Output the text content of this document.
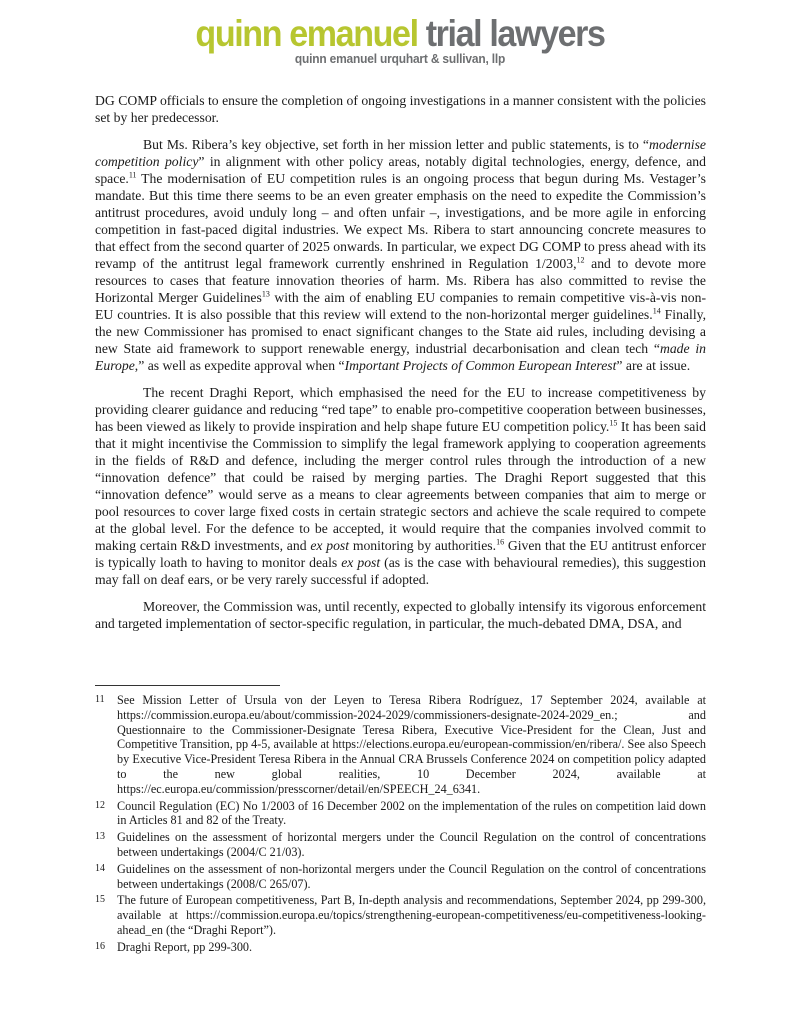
quinn emanuel trial lawyers
quinn emanuel urquhart & sullivan, llp

DG COMP officials to ensure the completion of ongoing investigations in a manner consistent with the policies set by her predecessor.

But Ms. Ribera’s key objective, set forth in her mission letter and public statements, is to “modernise competition policy” in alignment with other policy areas, notably digital technologies, energy, defence, and space.$^{11}$ The modernisation of EU competition rules is an ongoing process that begun during Ms. Vestager’s mandate. But this time there seems to be an even greater emphasis on the need to expedite the Commission’s antitrust procedures, avoid unduly long – and often unfair –, investigations, and be more agile in enforcing competition in fast-paced digital industries. We expect Ms. Ribera to start announcing concrete measures to that effect from the second quarter of 2025 onwards. In particular, we expect DG COMP to press ahead with its revamp of the antitrust legal framework currently enshrined in Regulation 1/2003,12 and to devote more resources to cases that feature innovation theories of harm. Ms. Ribera has also committed to revise the Horizontal Merger Guidelines$^{13}$ with the aim of enabling EU companies to remain competitive vis-à-vis non-EU countries. It is also possible that this review will extend to the non-horizontal merger guidelines.$^{14}$ Finally, the new Commissioner has promised to enact significant changes to the State aid rules, including devising a new State aid framework to support renewable energy, industrial decarbonisation and clean tech “made in Europe,” as well as expedite approval when “Important Projects of Common European Interest” are at issue.

The recent Draghi Report, which emphasised the need for the EU to increase competitiveness by providing clearer guidance and reducing “red tape” to enable pro-competitive cooperation between businesses, has been viewed as likely to provide inspiration and help shape future EU competition policy.$^{15}$ It has been said that it might incentivise the Commission to simplify the legal framework applying to cooperation agreements in the fields of R&D and defence, including the merger control rules through the introduction of a new “innovation defence” that could be raised by merging parties. The Draghi Report suggested that this “innovation defence” would serve as a means to clear agreements between companies that aim to merge or pool resources to cover large fixed costs in certain strategic sectors and achieve the scale required to compete at the global level. For the defence to be accepted, it would require that the companies involved commit to making certain R&D investments, and ex post monitoring by authorities.$^{16}$ Given that the EU antitrust enforcer is typically loath to having to monitor deals ex post (as is the case with behavioural remedies), this suggestion may fall on deaf ears, or be very rarely successful if adopted.

Moreover, the Commission was, until recently, expected to globally intensify its vigorous enforcement and targeted implementation of sector-specific regulation, in particular, the much-debated DMA, DSA, and

11	See Mission Letter of Ursula von der Leyen to Teresa Ribera Rodríguez, 17 September 2024, available at https://commission.europa.eu/about/commission-2024-2029/commissioners-designate-2024-2029_en.; and Questionnaire to the Commissioner-Designate Teresa Ribera, Executive Vice-President for the Clean, Just and Competitive Transition, pp 4-5, available at https://elections.europa.eu/european-commission/en/ribera/. See also Speech by Executive Vice-President Teresa Ribera in the Annual CRA Brussels Conference 2024 on competition policy adapted to the new global realities, 10 December 2024, available at https://ec.europa.eu/commission/presscorner/detail/en/SPEECH_24_6341.
12 Council Regulation (EC) No 1/2003 of 16 December 2002 on the implementation of the rules on competition laid down in Articles 81 and 82 of the Treaty.
13 Guidelines on the assessment of horizontal mergers under the Council Regulation on the control of concentrations between undertakings (2004/C 21/03).
14 Guidelines on the assessment of non-horizontal mergers under the Council Regulation on the control of concentrations between undertakings (2008/C 265/07).
15 The future of European competitiveness, Part B, In-depth analysis and recommendations, September 2024, pp 299-300, available at https://commission.europa.eu/topics/strengthening-european-competitiveness/eu-competitiveness-looking-ahead_en (the “Draghi Report”).
16 Draghi Report, pp 299-300.
